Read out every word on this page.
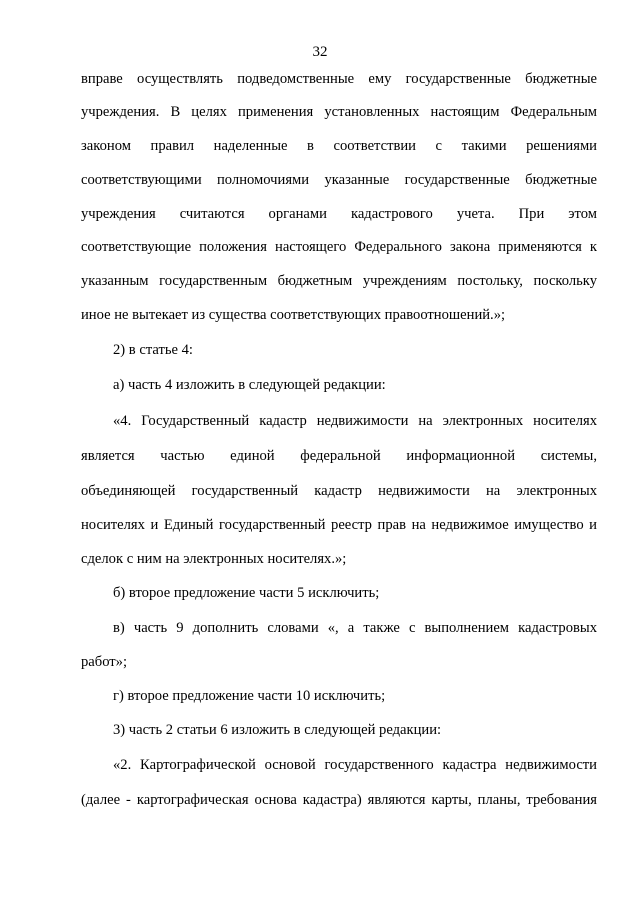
32
вправе осуществлять подведомственные ему государственные бюджетные
учреждения. В целях применения установленных настоящим Федеральным
законом правил наделенные в соответствии с такими решениями
соответствующими полномочиями указанные государственные бюджетные
учреждения считаются органами кадастрового учета. При этом
соответствующие положения настоящего Федерального закона применяются к
указанным государственным бюджетным учреждениям постольку, поскольку
иное не вытекает из существа соответствующих правоотношений.»;
2) в статье 4:
а) часть 4 изложить в следующей редакции:
«4. Государственный кадастр недвижимости на электронных носителях
является частью единой федеральной информационной системы,
объединяющей государственный кадастр недвижимости на электронных
носителях и Единый государственный реестр прав на недвижимое имущество и
сделок с ним на электронных носителях.»;
б) второе предложение части 5 исключить;
в) часть 9 дополнить словами «, а также с выполнением кадастровых
работ»;
г) второе предложение части 10 исключить;
3) часть 2 статьи 6 изложить в следующей редакции:
«2. Картографической основой государственного кадастра недвижимости
(далее - картографическая основа кадастра) являются карты, планы, требования
